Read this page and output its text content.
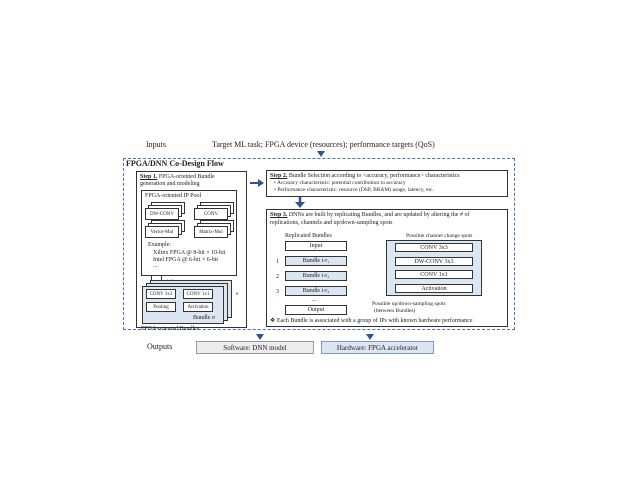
Inputs	Target ML task; FPGA device (resources); performance targets (QoS)
FPGA/DNN Co-Design Flow
Step 1. FPGA-oriented Bundle
generation and modeling
FPGA-oriented IP Pool
DW-CONV	CONV
Vector-Mul	Matrix-Mul
Example:
Xilinx FPGA @ 8-bit × 10-bit
Intel FPGA @ 6-bit × 6-bit
...
CONV 3x3	CONV 1x1
Pooling	Activation
Bundle σ
n
FPGA-oriented Bundles
Step 2. Bundle Selection according to <accuracy, performance> characteristics
• Accuracy characteristic: potential contribution to accuracy
• Performance characteristic: resource (DSP, BRAM) usage, latency, etc.
Step 3. DNNs are built by replicating Bundles, and are updated by altering the # of
replications, channels and up/down-sampling spots
Replicated Bundles
Input
1	Bundle i-r₁
2	Bundle i-r₂
3	Bundle i-r₃
...
Output
Possible channel change spots
CONV 3x3
DW-CONV 3x3
CONV 1x1
Activation
Possible up/down-sampling spots
(between Bundles)
❖ Each Bundle is associated with a group of IPs with known hardware performance
Outputs	Software: DNN model	Hardware: FPGA accelerator
